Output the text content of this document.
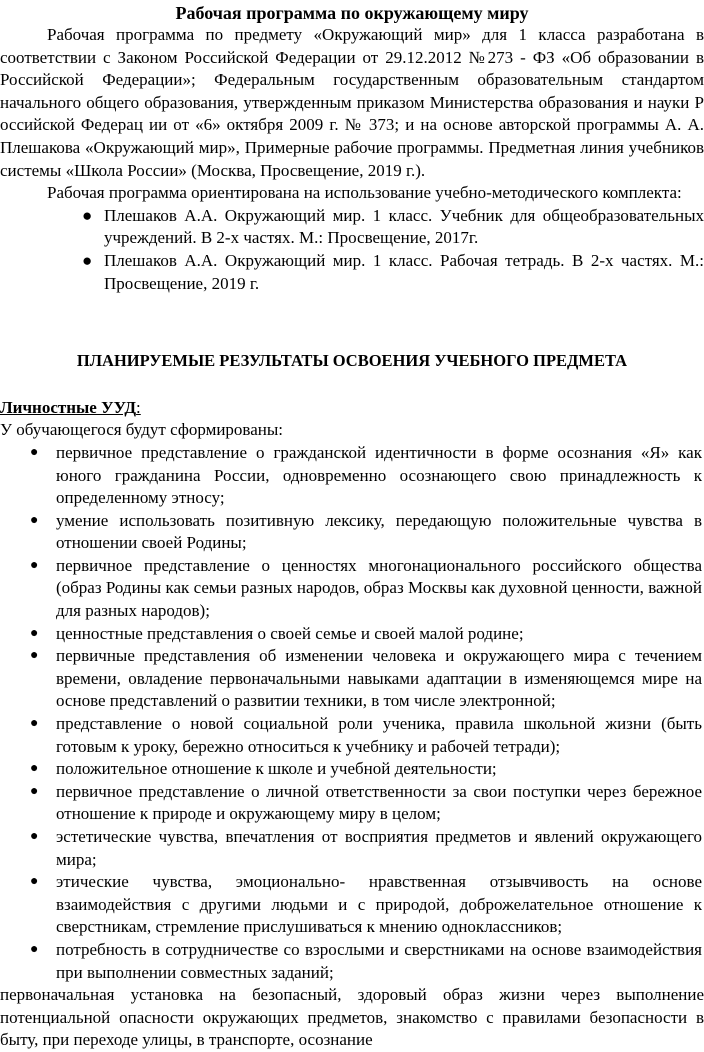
Рабочая программа по окружающему миру

Рабочая программа по предмету «Окружающий мир» для 1 класса разработана в соответствии с Законом Российской Федерации от 29.12.2012 №273 - ФЗ «Об образовании в Российской Федерации»; Федеральным государственным образовательным стандартом начального общего образования, утвержденным приказом Министерства образования и науки Р оссийской Федерац ии от «6» октября 2009 г. № 373; и на основе авторской программы А. А. Плешакова «Окружающий мир», Примерные рабочие программы. Предметная линия учебников системы «Школа России» (Москва, Просвещение, 2019 г.).

Рабочая программа ориентирована на использование учебно-методического комплекта:

● Плешаков А.А. Окружающий мир. 1 класс. Учебник для общеобразовательных учреждений. В 2-х частях. М.: Просвещение, 2017г.
● Плешаков А.А. Окружающий мир. 1 класс. Рабочая тетрадь. В 2-х частях. М.: Просвещение, 2019 г.
ПЛАНИРУЕМЫЕ РЕЗУЛЬТАТЫ ОСВОЕНИЯ УЧЕБНОГО ПРЕДМЕТА

Личностные УУД:

У обучающегося будут сформированы:

● первичное представление о гражданской идентичности в форме осознания «Я» как юного гражданина России, одновременно осознающего свою принадлежность к определенному этносу;
● умение использовать позитивную лексику, передающую положительные чувства в отношении своей Родины;
● первичное представление о ценностях многонационального российского общества (образ Родины как семьи разных народов, образ Москвы как духовной ценности, важной для разных народов);
● ценностные представления о своей семье и своей малой родине;
● первичные представления об изменении человека и окружающего мира с течением времени, овладение первоначальными навыками адаптации в изменяющемся мире на основе представлений о развитии техники, в том числе электронной;
● представление о новой социальной роли ученика, правила школьной жизни (быть готовым к уроку, бережно относиться к учебнику и рабочей тетради);
● положительное отношение к школе и учебной деятельности;
● первичное представление о личной ответственности за свои поступки через бережное отношение к природе и окружающему миру в целом;
● эстетические чувства, впечатления от восприятия предметов и явлений окружающего мира;
● этические чувства, эмоционально- нравственная отзывчивость на основе взаимодействия с другими людьми и с природой, доброжелательное отношение к сверстникам, стремление прислушиваться к мнению одноклассников;
● потребность в сотрудничестве со взрослыми и сверстниками на основе взаимодействия при выполнении совместных заданий;

первоначальная установка на безопасный, здоровый образ жизни через выполнение потенциальной опасности окружающих предметов, знакомство с правилами безопасности в быту, при переходе улицы, в транспорте, осознание
